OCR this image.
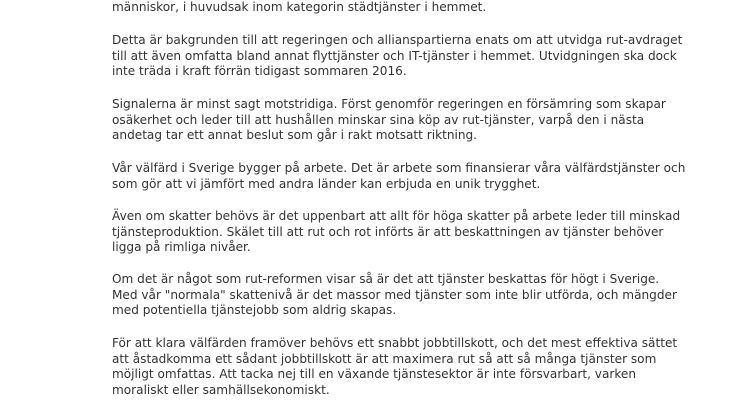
människor, i huvudsak inom kategorin städtjänster i hemmet.

Detta är bakgrunden till att regeringen och allianspartierna enats om att utvidga rut-avdraget
till att även omfatta bland annat flyttjänster och IT-tjänster i hemmet. Utvidgningen ska dock
inte träda i kraft förrän tidigast sommaren 2016.

Signalerna är minst sagt motstridiga. Först genomför regeringen en försämring som skapar
osäkerhet och leder till att hushållen minskar sina köp av rut-tjänster, varpå den i nästa
andetag tar ett annat beslut som går i rakt motsatt riktning.

Vår välfärd i Sverige bygger på arbete. Det är arbete som finansierar våra välfärdstjänster och
som gör att vi jämfört med andra länder kan erbjuda en unik trygghet.

Även om skatter behövs är det uppenbart att allt för höga skatter på arbete leder till minskad
tjänsteproduktion. Skälet till att rut och rot införts är att beskattningen av tjänster behöver
ligga på rimliga nivåer.

Om det är något som rut-reformen visar så är det att tjänster beskattas för högt i Sverige.
Med vår "normala" skattenivå är det massor med tjänster som inte blir utförda, och mängder
med potentiella tjänstejobb som aldrig skapas.

För att klara välfärden framöver behövs ett snabbt jobbtillskott, och det mest effektiva sättet
att åstadkomma ett sådant jobbtillskott är att maximera rut så att så många tjänster som
möjligt omfattas. Att tacka nej till en växande tjänstesektor är inte försvarbart, varken
moraliskt eller samhällsekonomiskt.
